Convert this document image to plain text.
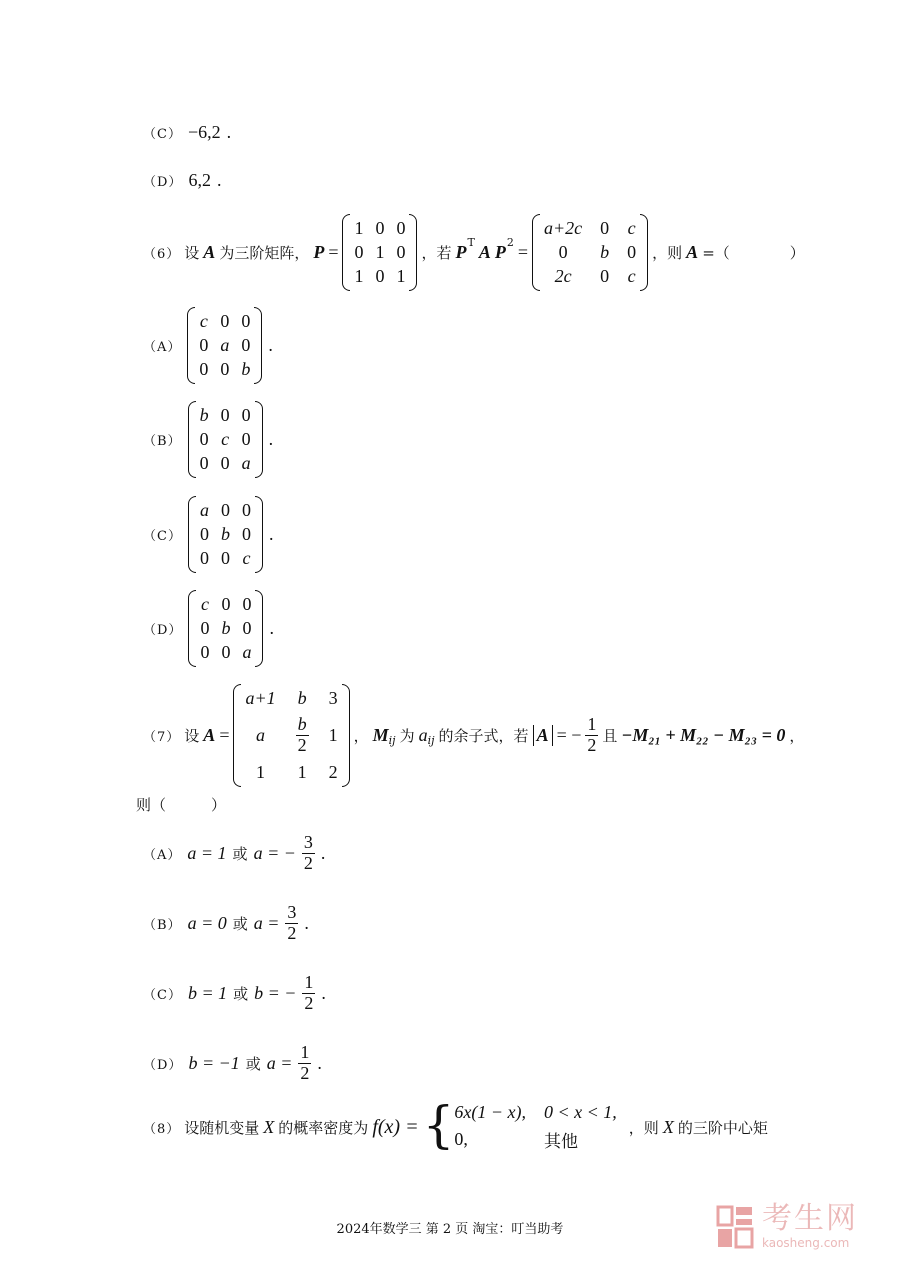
（C） −6,2 .
（D） 6,2 .
（6） 设 A 为三阶矩阵， P =
1 0 0
0 1 0
1 0 1
，若 $P^T$ A $P^2$ =
a+2c 0 c
0 b 0
2c 0 c
，则 A =（　　　　）
（A）
c 0 0
0 a 0
0 0 b
.
（B）
b 0 0
0 c 0
0 0 a
.
（C）
a 0 0
0 b 0
0 0 c
.
（D）
c 0 0
0 b 0
0 0 a
.
（7） 设 A =
a+1 b 3
a $\frac{b}{2} 1$
1 1 2
， $M_{ij}$ 为 $a_{ij}$ 的余子式，若 A = − $\frac{1}{2}$ 且 −M₂₁ + M₂₂ − M₂₃ = 0 ，
则（　　　）
（A） a = 1 或 a = − $\frac{3}{2}$ .
（B） a = 0 或 $a = \frac{3}{2}$ .
（C） b = 1 或 b = − $\frac{1}{2}$ .
（D） b = −1 或 $a = \frac{1}{2}$ .
（8） 设随机变量 X 的概率密度为 f(x) = { 6x(1 − x), 0 < x < 1,
0,	其他
，则 X 的三阶中心矩
2024年数学三 第 2 页 淘宝：叮当助考	考生网
kaosheng.com
